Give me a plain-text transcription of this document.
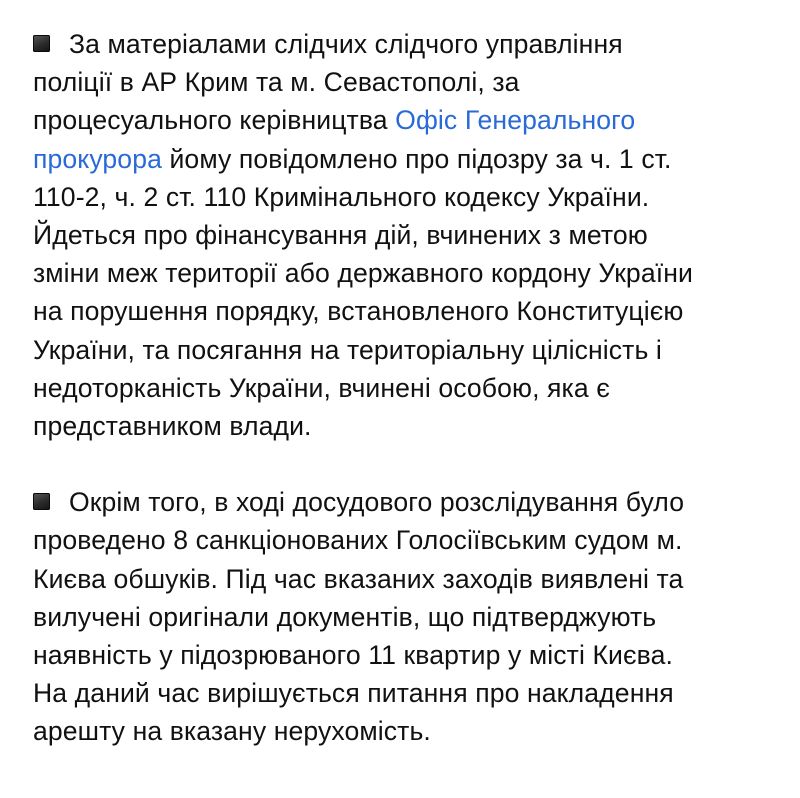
За матеріалами слідчих слідчого управління
поліції в АР Крим та м. Севастополі, за
процесуального керівництва Офіс Генерального
прокурора йому повідомлено про підозру за ч. 1 ст.
110-2, ч. 2 ст. 110 Кримінального кодексу України.
Йдеться про фінансування дій, вчинених з метою
зміни меж території або державного кордону України
на порушення порядку, встановленого Конституцією
України, та посягання на територіальну цілісність і
недоторканість України, вчинені особою, яка є
представником влади.

Окрім того, в ході досудового розслідування було
проведено 8 санкціонованих Голосіївським судом м.
Києва обшуків. Під час вказаних заходів виявлені та
вилучені оригінали документів, що підтверджують
наявність у підозрюваного 11 квартир у місті Києва.
На даний час вирішується питання про накладення
арешту на вказану нерухомість.
